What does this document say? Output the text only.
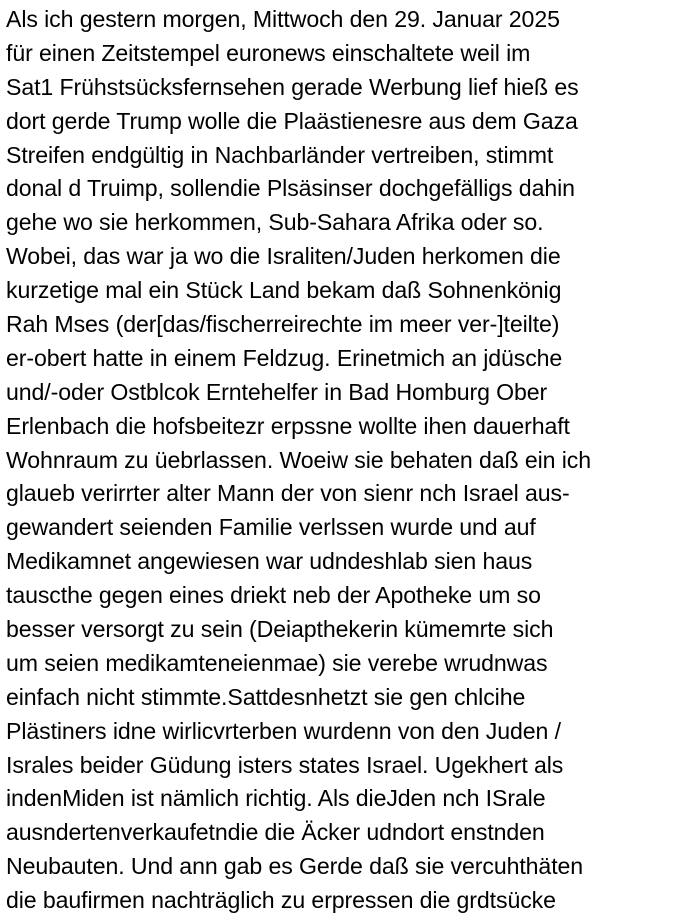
Als ich gestern morgen, Mittwoch den 29. Januar 2025
für einen Zeitstempel euronews einschaltete weil im
Sat1 Frühstsücksfernsehen gerade Werbung lief hieß es
dort gerde Trump wolle die Plaästienesre aus dem Gaza
Streifen endgültig in Nachbarländer vertreiben, stimmt
donal d Truimp, sollendie Plsäsinser dochgefälligs dahin
gehe wo sie herkommen, Sub-Sahara Afrika oder so.
Wobei, das war ja wo die Israliten/Juden herkomen die
kurzetige mal ein Stück Land bekam daß Sohnenkönig
Rah Mses (der[das/fischerreirechte im meer ver-]teilte)
er-obert hatte in einem Feldzug. Erinetmich an jdüsche
und/-oder Ostblcok Erntehelfer in Bad Homburg Ober
Erlenbach die hofsbeitezr erpssne wollte ihen dauerhaft
Wohnraum zu üebrlassen. Woeiw sie behaten daß ein ich
glaueb verirrter alter Mann der von sienr nch Israel aus-
gewandert seienden Familie verlssen wurde und auf
Medikamnet angewiesen war udndeshlab sien haus
tauscthe gegen eines driekt neb der Apotheke um so
besser versorgt zu sein (Deiapthekerin kümemrte sich
um seien medikamteneienmae) sie verebe wrudnwas
einfach nicht stimmte.Sattdesnhetzt sie gen chlcihe
Plästiners idne wirlicvrterben wurdenn von den Juden /
Israles beider Güdung isters states Israel. Ugekhert als
indenMiden ist nämlich richtig. Als dieJden nch ISrale
ausndertenverkaufetndie die Äcker udndort enstnden
Neubauten. Und ann gab es Gerde daß sie vercuhthäten
die baufirmen nachträglich zu erpressen die grdtsücke
